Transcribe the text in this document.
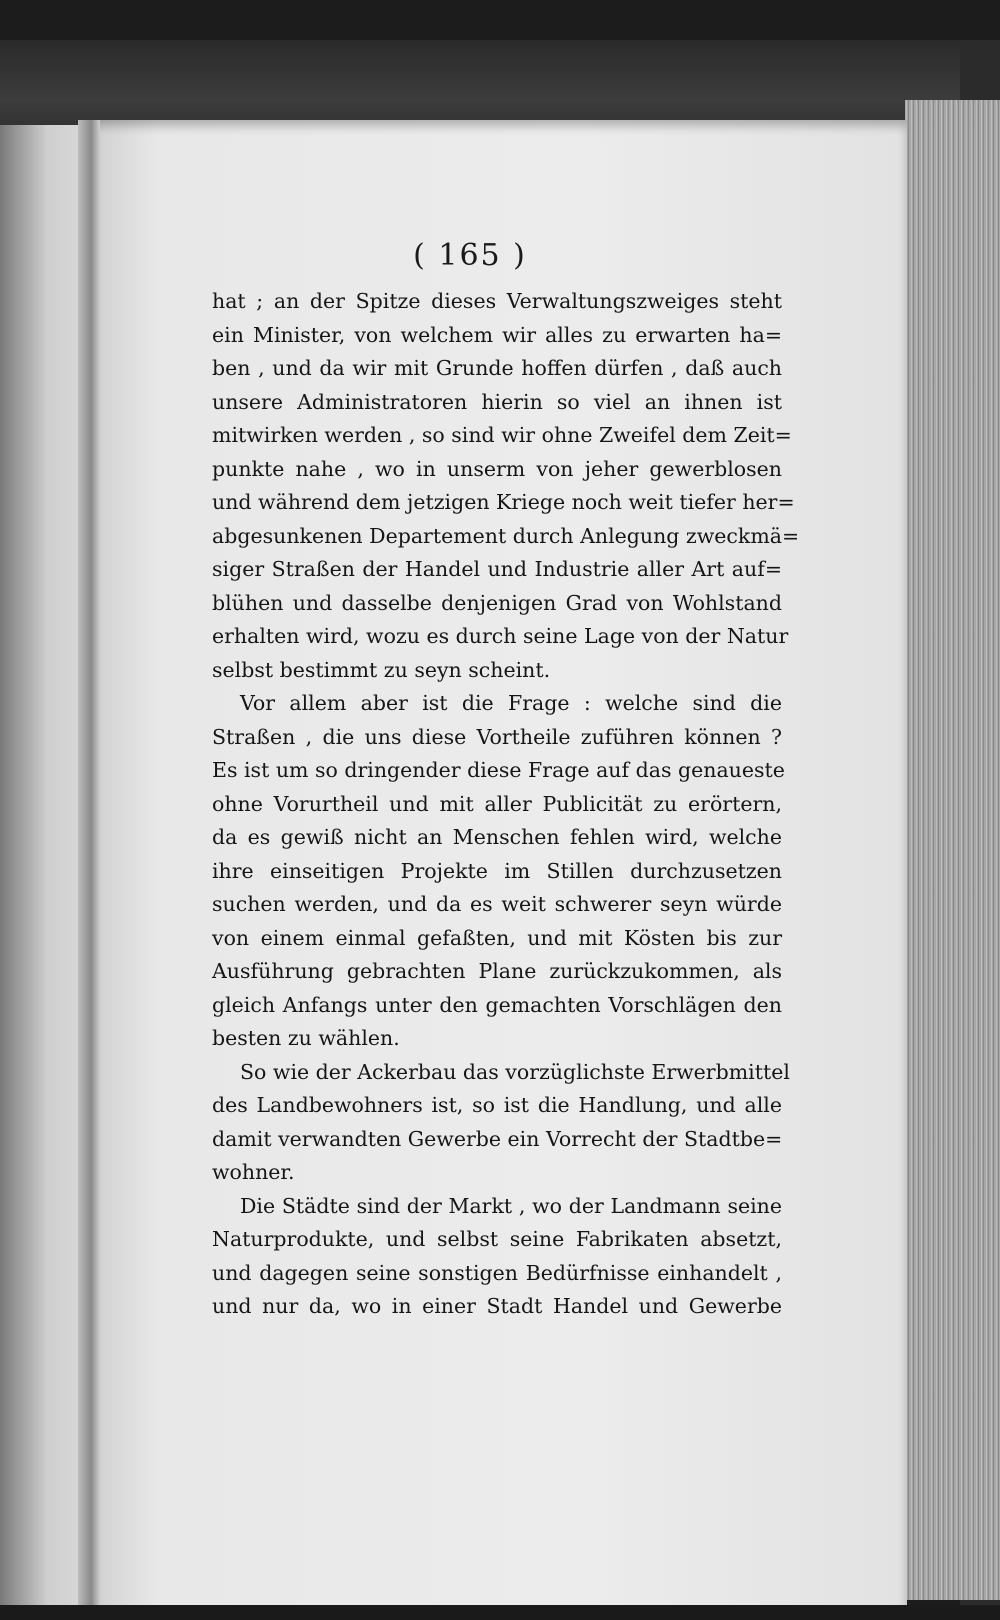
( 165 )
hat ; an der Spitze dieses Verwaltungszweiges steht
ein Minister, von welchem wir alles zu erwarten ha=
ben , und da wir mit Grunde hoffen dürfen , daß auch
unsere Administratoren hierin so viel an ihnen ist
mitwirken werden , so sind wir ohne Zweifel dem Zeit=
punkte nahe , wo in unserm von jeher gewerblosen
und während dem jetzigen Kriege noch weit tiefer her=
abgesunkenen Departement durch Anlegung zweckmä=
siger Straßen der Handel und Industrie aller Art auf=
blühen und dasselbe denjenigen Grad von Wohlstand
erhalten wird, wozu es durch seine Lage von der Natur
selbst bestimmt zu seyn scheint.
Vor allem aber ist die Frage : welche sind die
Straßen , die uns diese Vortheile zuführen können ?
Es ist um so dringender diese Frage auf das genaueste
ohne Vorurtheil und mit aller Publicität zu erörtern,
da es gewiß nicht an Menschen fehlen wird, welche
ihre einseitigen Projekte im Stillen durchzusetzen
suchen werden, und da es weit schwerer seyn würde
von einem einmal gefaßten, und mit Kösten bis zur
Ausführung gebrachten Plane zurückzukommen, als
gleich Anfangs unter den gemachten Vorschlägen den
besten zu wählen.
So wie der Ackerbau das vorzüglichste Erwerbmittel
des Landbewohners ist, so ist die Handlung, und alle
damit verwandten Gewerbe ein Vorrecht der Stadtbe=
wohner.
Die Städte sind der Markt , wo der Landmann seine
Naturprodukte, und selbst seine Fabrikaten absetzt,
und dagegen seine sonstigen Bedürfnisse einhandelt ,
und nur da, wo in einer Stadt Handel und Gewerbe
